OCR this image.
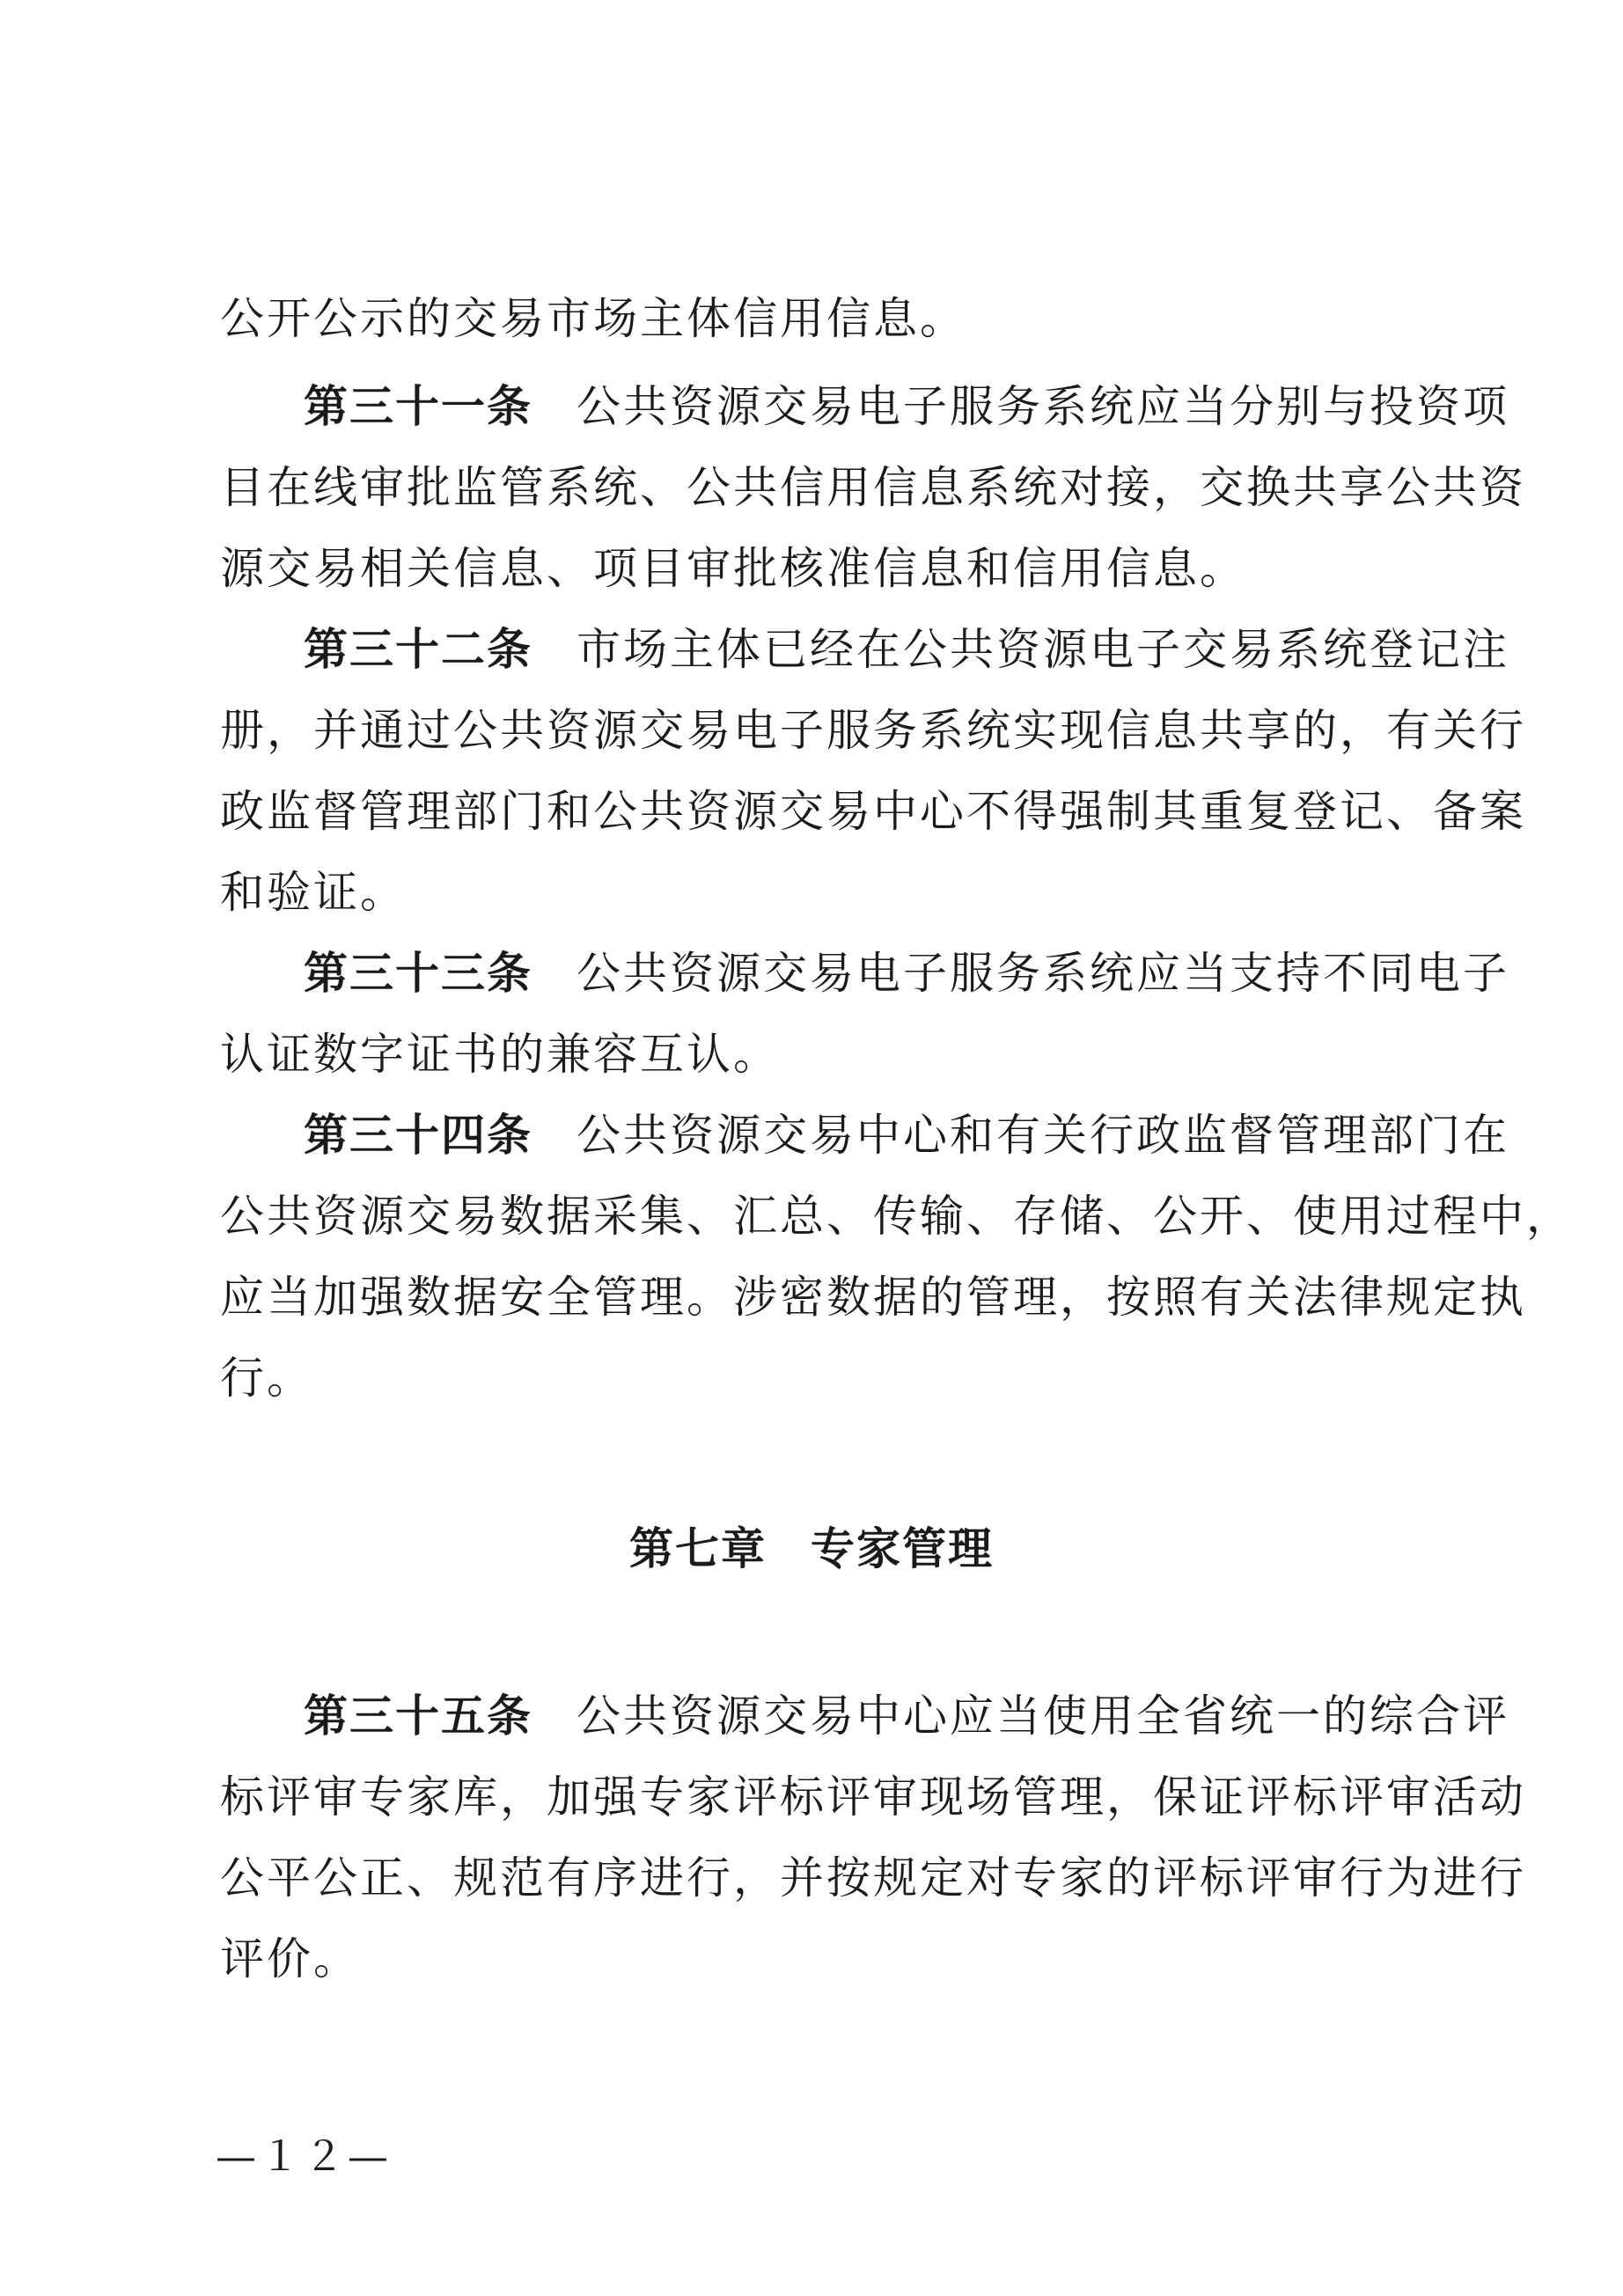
公开公示的交易市场主体信用信息。
第三十一条 公共资源交易电子服务系统应当分别与投资项
目在线审批监管系统、公共信用信息系统对接，交换共享公共资
源交易相关信息、项目审批核准信息和信用信息。
第三十二条 市场主体已经在公共资源电子交易系统登记注
册，并通过公共资源交易电子服务系统实现信息共享的，有关行
政监督管理部门和公共资源交易中心不得强制其重复登记、备案
和验证。
第三十三条 公共资源交易电子服务系统应当支持不同电子
认证数字证书的兼容互认。
第三十四条 公共资源交易中心和有关行政监督管理部门在
公共资源交易数据采集、汇总、传输、存储、公开、使用过程中，
应当加强数据安全管理。涉密数据的管理，按照有关法律规定执
行。
第七章 专家管理
第三十五条 公共资源交易中心应当使用全省统一的综合评
标评审专家库，加强专家评标评审现场管理，保证评标评审活动
公平公正、规范有序进行，并按规定对专家的评标评审行为进行
评价。
—１２—
